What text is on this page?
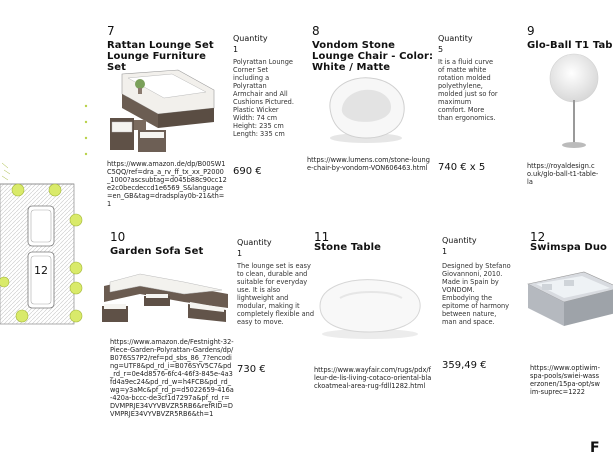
12
7
Rattan Lounge Set
Lounge Furniture Set
Quantity
1
Polyrattan Lounge Corner Set including a Polyrattan Armchair and All Cushions Pictured. Plastic Wicker Width: 74 cm Height: 235 cm Length: 335 cm
https://www.amazon.de/dp/B00SW1C5QQ/ref=dra_a_rv_ff_tx_xx_P2000_1000?ascsubtag=d045b88c90cc12e2c0becdeccd1e6569_S&language=en_GB&tag=dradsplay0b-21&th=1
690 €
8
Vondom Stone
Lounge Chair - Color:
White / Matte
Quantity
5
It is a fluid curve of matte white rotation molded polyethylene, molded just so for maximum comfort. More than ergonomics.
https://www.lumens.com/stone-lounge-chair-by-vondom-VON606463.html	740 € x 5
9
Glo-Ball T1 Tab
https://royaldesign.co.uk/glo-ball-t1-table-la
10
Garden Sofa Set
Quantity
1
The lounge set is easy to clean, durable and suitable for everyday use. It is also lightweight and modular, making it completely flexible and easy to move.
https://www.amazon.de/Festnight-32-Piece-Garden-Polyrattan-Gardens/dp/B076SS7P2/ref=pd_sbs_86_7?encoding=UTF8&pd_rd_i=B076SYV5C7&pd_rd_r=0e4d8576-6fc4-46f3-845e-4a3fd4a9ec24&pd_rd_w=h4FCB&pd_rd_wg=y3aMc&pf_rd_p=d5022659-416a-420a-bccc-de3cf1d7297a&pf_rd_r=DVMPRJE34VYVBVZR5RB6&refRID=DVMPRJE34VYVBVZR5RB6&th=1
730 €
11
Stone Table
Quantity
1
Designed by Stefano Giovannoni, 2010. Made in Spain by VONDOM. Embodying the epitome of harmony between nature, man and space.
https://www.wayfair.com/rugs/pdx/fleur-de-lis-living-cotaco-oriental-blackoatmeal-area-rug-fdll1282.html
359,49 €
12
Swimspa Duo
https://www.optiwim-spa-pools/swiei-wasserzonen/15pa-opt/swim-suprec=1222
F
